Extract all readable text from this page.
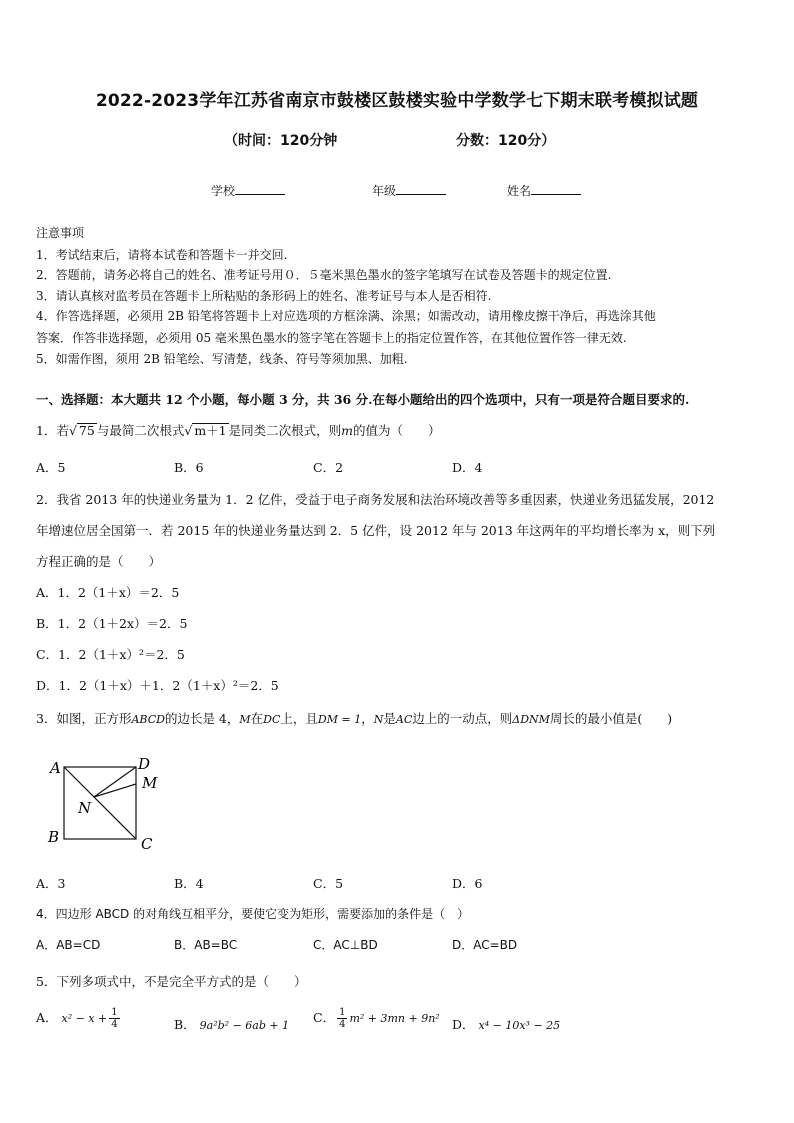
2022-2023学年江苏省南京市鼓楼区鼓楼实验中学数学七下期末联考模拟试题
（时间：120分钟	分数：120分）
学校	年级	姓名
注意事项
1．考试结束后，请将本试卷和答题卡一并交回.
2．答题前，请务必将自己的姓名、准考证号用０．５毫米黑色墨水的签字笔填写在试卷及答题卡的规定位置.
3．请认真核对监考员在答题卡上所粘贴的条形码上的姓名、准考证号与本人是否相符.
4．作答选择题，必须用 2B 铅笔将答题卡上对应选项的方框涂满、涂黑；如需改动，请用橡皮擦干净后，再选涂其他
答案．作答非选择题，必须用 05 毫米黑色墨水的签字笔在答题卡上的指定位置作答，在其他位置作答一律无效.
5．如需作图，须用 2B 铅笔绘、写清楚，线条、符号等须加黑、加粗.
一、选择题：本大题共 12 个小题，每小题 3 分，共 36 分.在每小题给出的四个选项中，只有一项是符合题目要求的.
1．若√ 75 与最简二次根式√ m＋1 是同类二次根式，则m的值为（　　）
A．5	B．6	C．2	D．4
2．我省 2013 年的快递业务量为 1．2 亿件，受益于电子商务发展和法治环境改善等多重因素，快递业务迅猛发展，2012
年增速位居全国第一．若 2015 年的快递业务量达到 2．5 亿件，设 2012 年与 2013 年这两年的平均增长率为 x，则下列
方程正确的是（　　）
A．1．2（1＋x）＝2．5
B．1．2（1＋2x）＝2．5
C．1．2（1＋x）²＝2．5
D．1．2（1＋x）＋1．2（1＋x）²＝2．5
3．如图，正方形ABCD的边长是 4，M在DC上，且DM = 1，N是AC边上的一动点，则ΔDNM周长的最小值是(　　)
A	D
M
N
B	C
A．3	B．4	C．5	D．6
4．四边形 ABCD 的对角线互相平分，要使它变为矩形，需要添加的条件是（　）
A．AB=CD	B．AB=BC	C．AC⊥BD	D．AC=BD
5．下列多项式中，不是完全平方式的是（　　）
A． $x^2 - x + \frac{1}{4}$	B． 9a²b² − 6ab + 1
C． $\frac{1}{4} m^2 + 3mn + 9n^2$ D． x⁴ − 10x³ − 25
